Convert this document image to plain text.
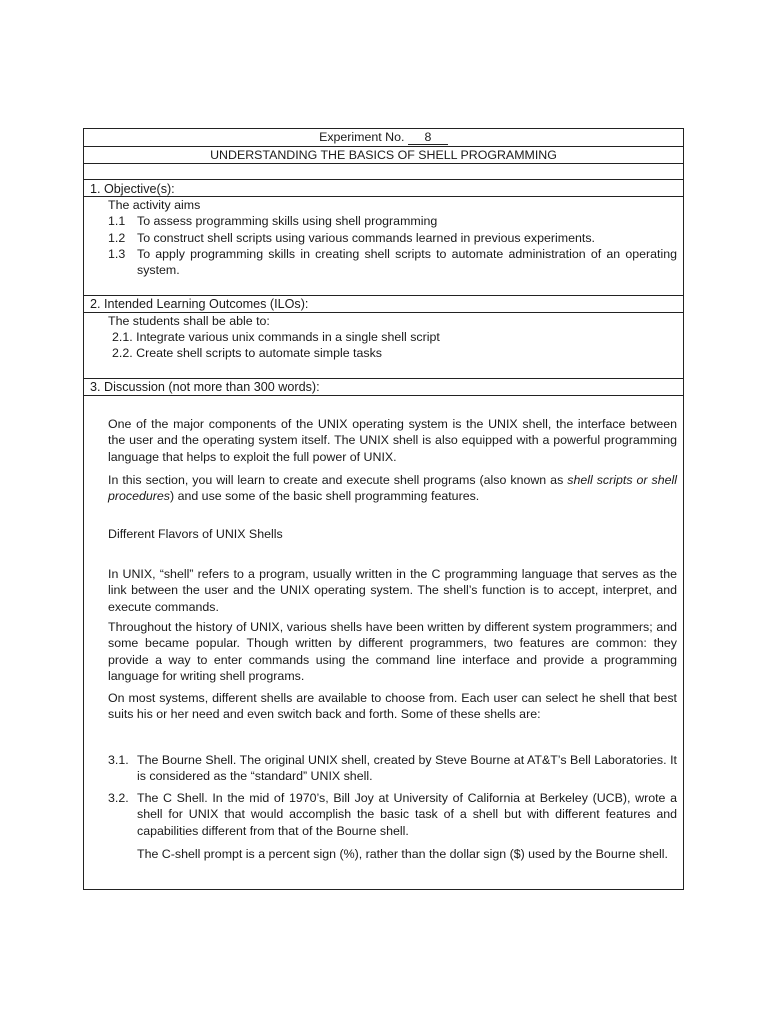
Experiment No. 8
UNDERSTANDING THE BASICS OF SHELL PROGRAMMING
1. Objective(s):
The activity aims
1.1 To assess programming skills using shell programming
1.2 To construct shell scripts using various commands learned in previous experiments.
1.3 To apply programming skills in creating shell scripts to automate administration of an operating system.
2. Intended Learning Outcomes (ILOs):
The students shall be able to:
2.1. Integrate various unix commands in a single shell script
2.2. Create shell scripts to automate simple tasks
3. Discussion (not more than 300 words):
One of the major components of the UNIX operating system is the UNIX shell, the interface between the user and the operating system itself. The UNIX shell is also equipped with a powerful programming language that helps to exploit the full power of UNIX.
In this section, you will learn to create and execute shell programs (also known as shell scripts or shell procedures) and use some of the basic shell programming features.
Different Flavors of UNIX Shells
In UNIX, “shell” refers to a program, usually written in the C programming language that serves as the link between the user and the UNIX operating system. The shell’s function is to accept, interpret, and execute commands.
Throughout the history of UNIX, various shells have been written by different system programmers; and some became popular. Though written by different programmers, two features are common: they provide a way to enter commands using the command line interface and provide a programming language for writing shell programs.
On most systems, different shells are available to choose from. Each user can select he shell that best suits his or her need and even switch back and forth. Some of these shells are:
3.1. The Bourne Shell. The original UNIX shell, created by Steve Bourne at AT&T’s Bell Laboratories. It is considered as the “standard” UNIX shell.
3.2. The C Shell. In the mid of 1970’s, Bill Joy at University of California at Berkeley (UCB), wrote a shell for UNIX that would accomplish the basic task of a shell but with different features and capabilities different from that of the Bourne shell.
The C-shell prompt is a percent sign (%), rather than the dollar sign ($) used by the Bourne shell.
